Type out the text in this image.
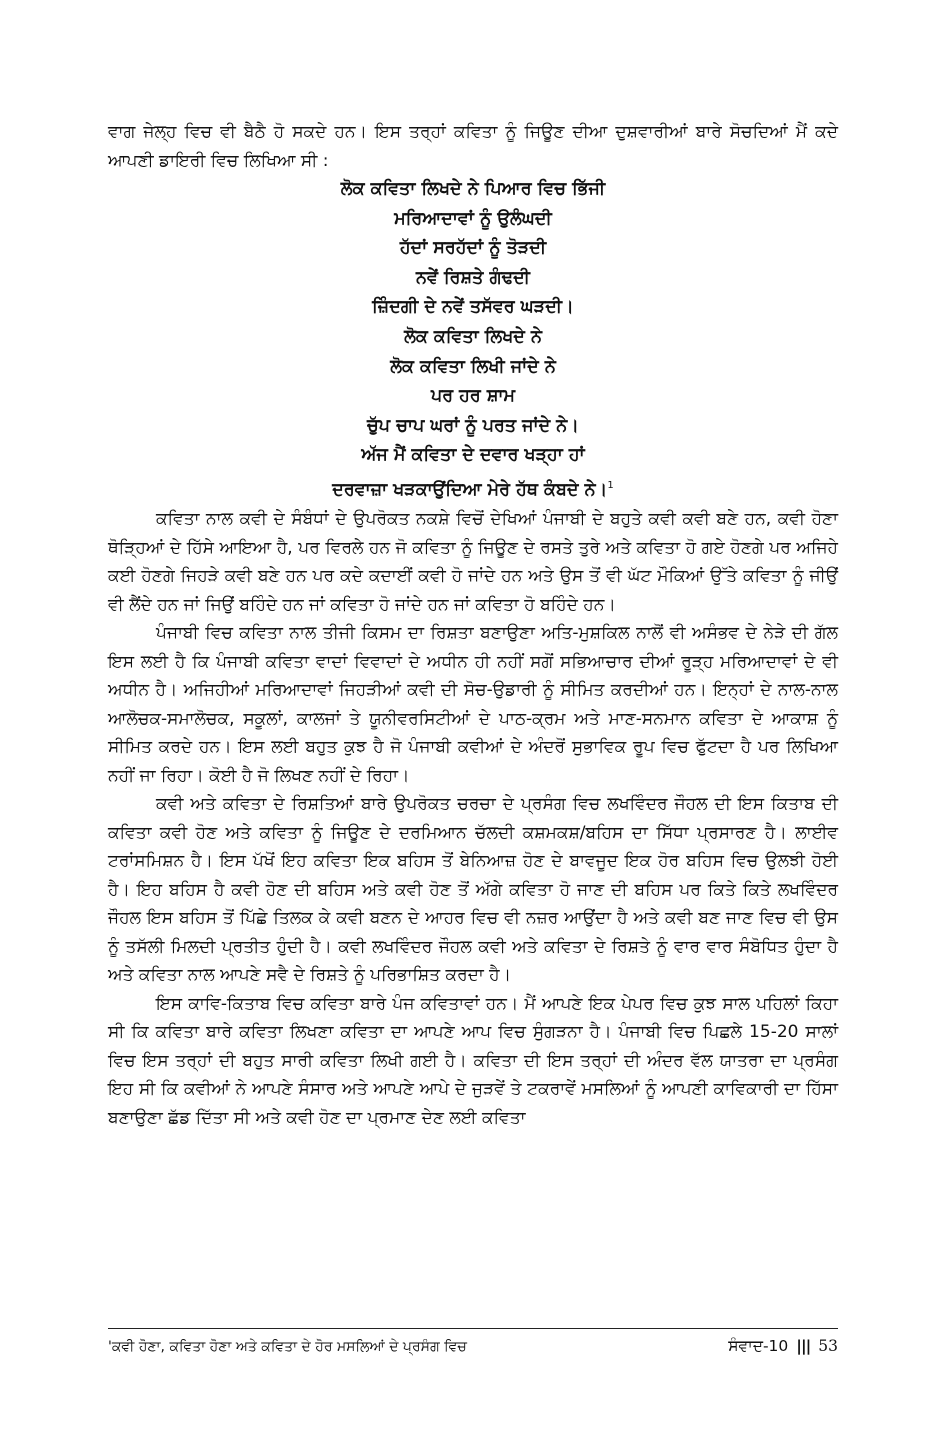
ਵਾਗ ਜੇਲ੍ਹ ਵਿਚ ਵੀ ਬੈਠੈ ਹੋ ਸਕਦੇ ਹਨ। ਇਸ ਤਰ੍ਹਾਂ ਕਵਿਤਾ ਨੂੰ ਜਿਊਣ ਦੀਆ ਦੁਸ਼ਵਾਰੀਆਂ ਬਾਰੇ ਸੋਚਦਿਆਂ ਮੈਂ ਕਦੇ ਆਪਣੀ ਡਾਇਰੀ ਵਿਚ ਲਿਖਿਆ ਸੀ :

ਲੋਕ ਕਵਿਤਾ ਲਿਖਦੇ ਨੇ ਪਿਆਰ ਵਿਚ ਭਿੱਜੀ
ਮਰਿਆਦਾਵਾਂ ਨੂੰ ਉਲੰਘਦੀ
ਹੱਦਾਂ ਸਰਹੱਦਾਂ ਨੂੰ ਤੋੜਦੀ
ਨਵੇਂ ਰਿਸ਼ਤੇ ਗੰਢਦੀ
ਜ਼ਿੰਦਗੀ ਦੇ ਨਵੇਂ ਤਸੱਵਰ ਘੜਦੀ।
ਲੋਕ ਕਵਿਤਾ ਲਿਖਦੇ ਨੇ
ਲੋਕ ਕਵਿਤਾ ਲਿਖੀ ਜਾਂਦੇ ਨੇ
ਪਰ ਹਰ ਸ਼ਾਮ
ਚੁੱਪ ਚਾਪ ਘਰਾਂ ਨੂੰ ਪਰਤ ਜਾਂਦੇ ਨੇ।
ਅੱਜ ਮੈਂ ਕਵਿਤਾ ਦੇ ਦਵਾਰ ਖੜ੍ਹਾ ਹਾਂ
ਦਰਵਾਜ਼ਾ ਖੜਕਾਉਂਦਿਆ ਮੇਰੇ ਹੱਥ ਕੰਬਦੇ ਨੇ।$^1$

ਕਵਿਤਾ ਨਾਲ ਕਵੀ ਦੇ ਸੰਬੰਧਾਂ ਦੇ ਉਪਰੋਕਤ ਨਕਸ਼ੇ ਵਿਚੋਂ ਦੇਖਿਆਂ ਪੰਜਾਬੀ ਦੇ ਬਹੁਤੇ ਕਵੀ ਕਵੀ ਬਣੇ ਹਨ, ਕਵੀ ਹੋਣਾ ਥੋੜ੍ਹਿਆਂ ਦੇ ਹਿੱਸੇ ਆਇਆ ਹੈ, ਪਰ ਵਿਰਲੇ ਹਨ ਜੋ ਕਵਿਤਾ ਨੂੰ ਜਿਊਣ ਦੇ ਰਸਤੇ ਤੁਰੇ ਅਤੇ ਕਵਿਤਾ ਹੋ ਗਏ ਹੋਣਗੇ ਪਰ ਅਜਿਹੇ ਕਈ ਹੋਣਗੇ ਜਿਹੜੇ ਕਵੀ ਬਣੇ ਹਨ ਪਰ ਕਦੇ ਕਦਾਈਂ ਕਵੀ ਹੋ ਜਾਂਦੇ ਹਨ ਅਤੇ ਉਸ ਤੋਂ ਵੀ ਘੱਟ ਮੌਕਿਆਂ ਉੱਤੇ ਕਵਿਤਾ ਨੂੰ ਜੀਉਂ ਵੀ ਲੈਂਦੇ ਹਨ ਜਾਂ ਜਿਉਂ ਬਹਿੰਦੇ ਹਨ ਜਾਂ ਕਵਿਤਾ ਹੋ ਜਾਂਦੇ ਹਨ ਜਾਂ ਕਵਿਤਾ ਹੋ ਬਹਿੰਦੇ ਹਨ।

ਪੰਜਾਬੀ ਵਿਚ ਕਵਿਤਾ ਨਾਲ ਤੀਜੀ ਕਿਸਮ ਦਾ ਰਿਸ਼ਤਾ ਬਣਾਉਣਾ ਅਤਿ-ਮੁਸ਼ਕਿਲ ਨਾਲੋਂ ਵੀ ਅਸੰਭਵ ਦੇ ਨੇੜੇ ਦੀ ਗੱਲ ਇਸ ਲਈ ਹੈ ਕਿ ਪੰਜਾਬੀ ਕਵਿਤਾ ਵਾਦਾਂ ਵਿਵਾਦਾਂ ਦੇ ਅਧੀਨ ਹੀ ਨਹੀਂ ਸਗੋਂ ਸਭਿਆਚਾਰ ਦੀਆਂ ਰੂੜ੍ਹ ਮਰਿਆਦਾਵਾਂ ਦੇ ਵੀ ਅਧੀਨ ਹੈ। ਅਜਿਹੀਆਂ ਮਰਿਆਦਾਵਾਂ ਜਿਹੜੀਆਂ ਕਵੀ ਦੀ ਸੋਚ-ਉਡਾਰੀ ਨੂੰ ਸੀਮਿਤ ਕਰਦੀਆਂ ਹਨ। ਇਨ੍ਹਾਂ ਦੇ ਨਾਲ-ਨਾਲ ਆਲੋਚਕ-ਸਮਾਲੋਚਕ, ਸਕੂਲਾਂ, ਕਾਲਜਾਂ ਤੇ ਯੂਨੀਵਰਸਿਟੀਆਂ ਦੇ ਪਾਠ-ਕ੍ਰਮ ਅਤੇ ਮਾਣ-ਸਨਮਾਨ ਕਵਿਤਾ ਦੇ ਆਕਾਸ਼ ਨੂੰ ਸੀਮਿਤ ਕਰਦੇ ਹਨ। ਇਸ ਲਈ ਬਹੁਤ ਕੁਝ ਹੈ ਜੋ ਪੰਜਾਬੀ ਕਵੀਆਂ ਦੇ ਅੰਦਰੋਂ ਸੁਭਾਵਿਕ ਰੂਪ ਵਿਚ ਫੁੱਟਦਾ ਹੈ ਪਰ ਲਿਖਿਆ ਨਹੀਂ ਜਾ ਰਿਹਾ। ਕੋਈ ਹੈ ਜੋ ਲਿਖਣ ਨਹੀਂ ਦੇ ਰਿਹਾ।

ਕਵੀ ਅਤੇ ਕਵਿਤਾ ਦੇ ਰਿਸ਼ਤਿਆਂ ਬਾਰੇ ਉਪਰੋਕਤ ਚਰਚਾ ਦੇ ਪ੍ਰਸੰਗ ਵਿਚ ਲਖਵਿੰਦਰ ਜੌਹਲ ਦੀ ਇਸ ਕਿਤਾਬ ਦੀ ਕਵਿਤਾ ਕਵੀ ਹੋਣ ਅਤੇ ਕਵਿਤਾ ਨੂੰ ਜਿਊਣ ਦੇ ਦਰਮਿਆਨ ਚੱਲਦੀ ਕਸ਼ਮਕਸ਼/ਬਹਿਸ ਦਾ ਸਿੱਧਾ ਪ੍ਰਸਾਰਣ ਹੈ। ਲਾਈਵ ਟਰਾਂਸਮਿਸ਼ਨ ਹੈ। ਇਸ ਪੱਖੋਂ ਇਹ ਕਵਿਤਾ ਇਕ ਬਹਿਸ ਤੋਂ ਬੇਨਿਆਜ਼ ਹੋਣ ਦੇ ਬਾਵਜੂਦ ਇਕ ਹੋਰ ਬਹਿਸ ਵਿਚ ਉਲਝੀ ਹੋਈ ਹੈ। ਇਹ ਬਹਿਸ ਹੈ ਕਵੀ ਹੋਣ ਦੀ ਬਹਿਸ ਅਤੇ ਕਵੀ ਹੋਣ ਤੋਂ ਅੱਗੇ ਕਵਿਤਾ ਹੋ ਜਾਣ ਦੀ ਬਹਿਸ ਪਰ ਕਿਤੇ ਕਿਤੇ ਲਖਵਿੰਦਰ ਜੌਹਲ ਇਸ ਬਹਿਸ ਤੋਂ ਪਿੱਛੇ ਤਿਲਕ ਕੇ ਕਵੀ ਬਣਨ ਦੇ ਆਹਰ ਵਿਚ ਵੀ ਨਜ਼ਰ ਆਉਂਦਾ ਹੈ ਅਤੇ ਕਵੀ ਬਣ ਜਾਣ ਵਿਚ ਵੀ ਉਸ ਨੂੰ ਤਸੱਲੀ ਮਿਲਦੀ ਪ੍ਰਤੀਤ ਹੁੰਦੀ ਹੈ। ਕਵੀ ਲਖਵਿੰਦਰ ਜੌਹਲ ਕਵੀ ਅਤੇ ਕਵਿਤਾ ਦੇ ਰਿਸ਼ਤੇ ਨੂੰ ਵਾਰ ਵਾਰ ਸੰਬੋਧਿਤ ਹੁੰਦਾ ਹੈ ਅਤੇ ਕਵਿਤਾ ਨਾਲ ਆਪਣੇ ਸਵੈ ਦੇ ਰਿਸ਼ਤੇ ਨੂੰ ਪਰਿਭਾਸ਼ਿਤ ਕਰਦਾ ਹੈ।

ਇਸ ਕਾਵਿ-ਕਿਤਾਬ ਵਿਚ ਕਵਿਤਾ ਬਾਰੇ ਪੰਜ ਕਵਿਤਾਵਾਂ ਹਨ। ਮੈਂ ਆਪਣੇ ਇਕ ਪੇਪਰ ਵਿਚ ਕੁਝ ਸਾਲ ਪਹਿਲਾਂ ਕਿਹਾ ਸੀ ਕਿ ਕਵਿਤਾ ਬਾਰੇ ਕਵਿਤਾ ਲਿਖਣਾ ਕਵਿਤਾ ਦਾ ਆਪਣੇ ਆਪ ਵਿਚ ਸੁੰਗੜਨਾ ਹੈ। ਪੰਜਾਬੀ ਵਿਚ ਪਿਛਲੇ 15-20 ਸਾਲਾਂ ਵਿਚ ਇਸ ਤਰ੍ਹਾਂ ਦੀ ਬਹੁਤ ਸਾਰੀ ਕਵਿਤਾ ਲਿਖੀ ਗਈ ਹੈ। ਕਵਿਤਾ ਦੀ ਇਸ ਤਰ੍ਹਾਂ ਦੀ ਅੰਦਰ ਵੱਲ ਯਾਤਰਾ ਦਾ ਪ੍ਰਸੰਗ ਇਹ ਸੀ ਕਿ ਕਵੀਆਂ ਨੇ ਆਪਣੇ ਸੰਸਾਰ ਅਤੇ ਆਪਣੇ ਆਪੇ ਦੇ ਜੁੜਵੇਂ ਤੇ ਟਕਰਾਵੇਂ ਮਸਲਿਆਂ ਨੂੰ ਆਪਣੀ ਕਾਵਿਕਾਰੀ ਦਾ ਹਿੱਸਾ ਬਣਾਉਣਾ ਛੱਡ ਦਿੱਤਾ ਸੀ ਅਤੇ ਕਵੀ ਹੋਣ ਦਾ ਪ੍ਰਮਾਣ ਦੇਣ ਲਈ ਕਵਿਤਾ

'ਕਵੀ ਹੋਣਾ, ਕਵਿਤਾ ਹੋਣਾ ਅਤੇ ਕਵਿਤਾ ਦੇ ਹੋਰ ਮਸਲਿਆਂ ਦੇ ਪ੍ਰਸੰਗ ਵਿਚ	ਸੰਵਾਦ-10 ||| 53
